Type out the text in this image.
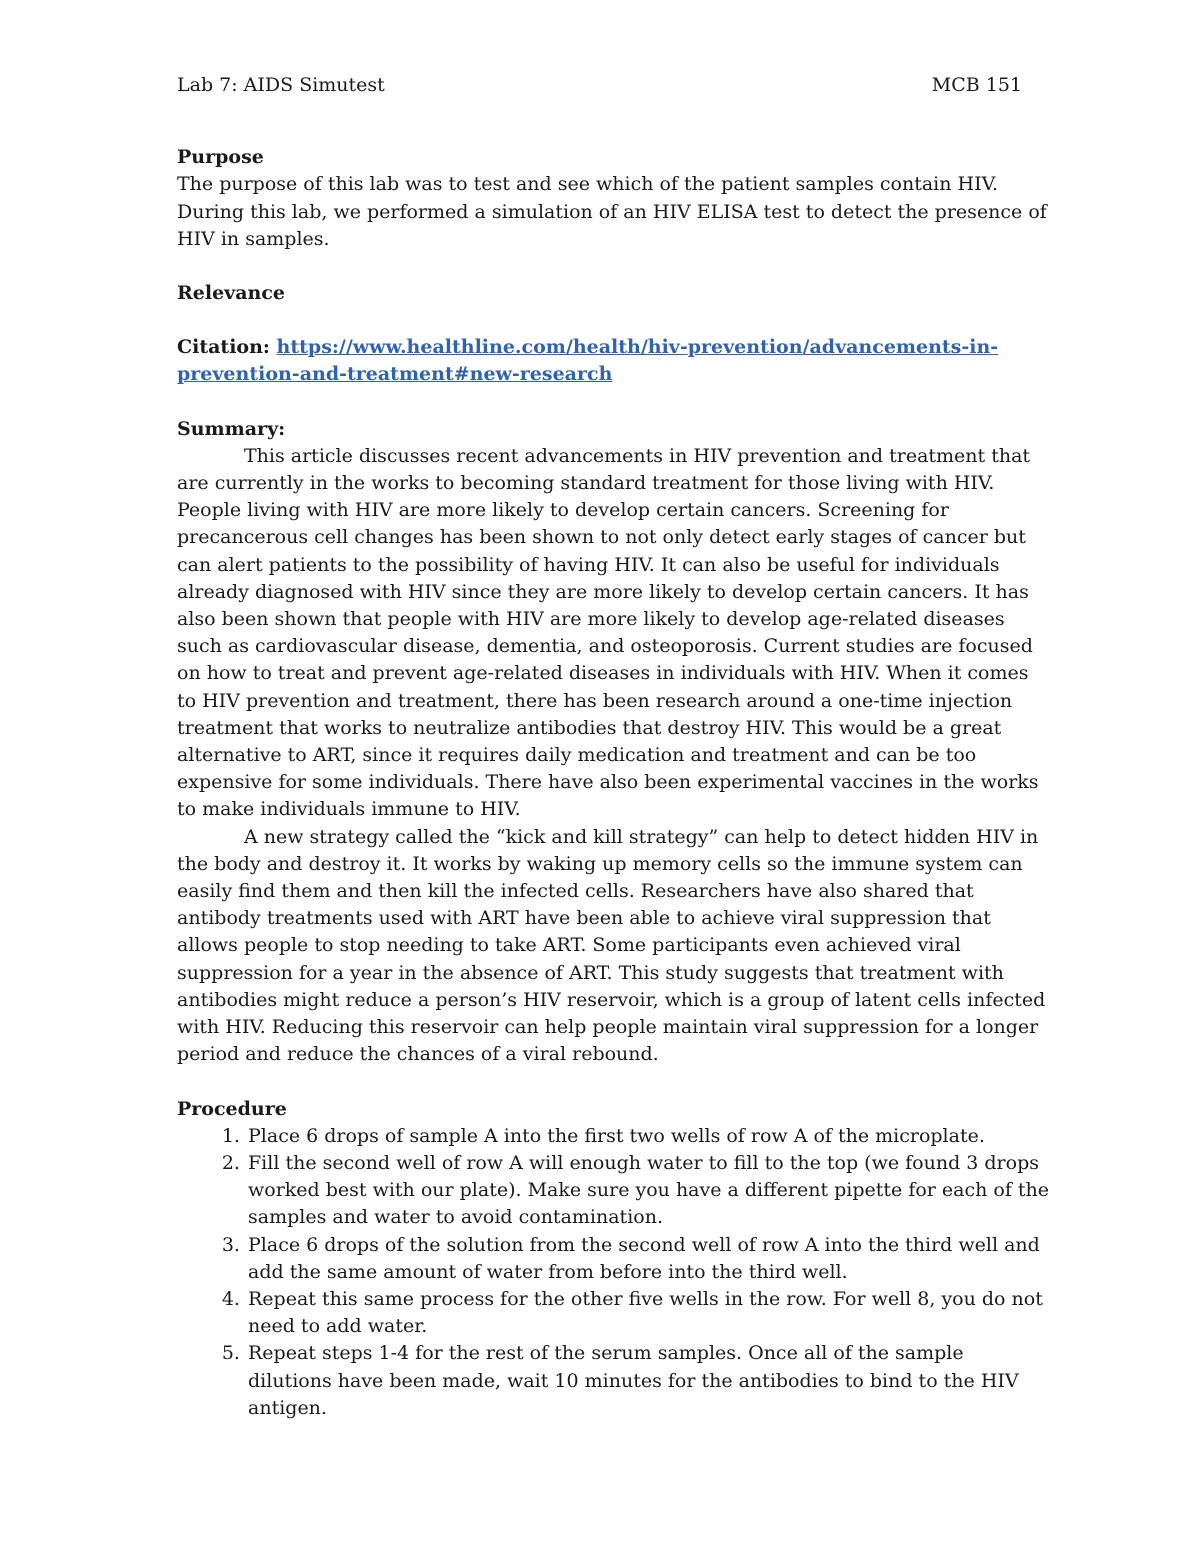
Lab 7: AIDS Simutest	MCB 151

Purpose

The purpose of this lab was to test and see which of the patient samples contain HIV. During this lab, we performed a simulation of an HIV ELISA test to detect the presence of HIV in samples.

Relevance

Citation: https://www.healthline.com/health/hiv-prevention/advancements-in-
prevention-and-treatment#new-research

Summary:

This article discusses recent advancements in HIV prevention and treatment that are currently in the works to becoming standard treatment for those living with HIV. People living with HIV are more likely to develop certain cancers. Screening for precancerous cell changes has been shown to not only detect early stages of cancer but can alert patients to the possibility of having HIV. It can also be useful for individuals already diagnosed with HIV since they are more likely to develop certain cancers. It has also been shown that people with HIV are more likely to develop age-related diseases such as cardiovascular disease, dementia, and osteoporosis. Current studies are focused on how to treat and prevent age-related diseases in individuals with HIV. When it comes to HIV prevention and treatment, there has been research around a one-time injection treatment that works to neutralize antibodies that destroy HIV. This would be a great alternative to ART, since it requires daily medication and treatment and can be too expensive for some individuals. There have also been experimental vaccines in the works to make individuals immune to HIV.

A new strategy called the “kick and kill strategy” can help to detect hidden HIV in the body and destroy it. It works by waking up memory cells so the immune system can easily find them and then kill the infected cells. Researchers have also shared that antibody treatments used with ART have been able to achieve viral suppression that allows people to stop needing to take ART. Some participants even achieved viral suppression for a year in the absence of ART. This study suggests that treatment with antibodies might reduce a person’s HIV reservoir, which is a group of latent cells infected with HIV. Reducing this reservoir can help people maintain viral suppression for a longer period and reduce the chances of a viral rebound.

Procedure

1. Place 6 drops of sample A into the first two wells of row A of the microplate.
2. Fill the second well of row A will enough water to fill to the top (we found 3 drops worked best with our plate). Make sure you have a different pipette for each of the samples and water to avoid contamination.
3. Place 6 drops of the solution from the second well of row A into the third well and add the same amount of water from before into the third well.
4. Repeat this same process for the other five wells in the row. For well 8, you do not need to add water.
5. Repeat steps 1-4 for the rest of the serum samples. Once all of the sample dilutions have been made, wait 10 minutes for the antibodies to bind to the HIV antigen.
